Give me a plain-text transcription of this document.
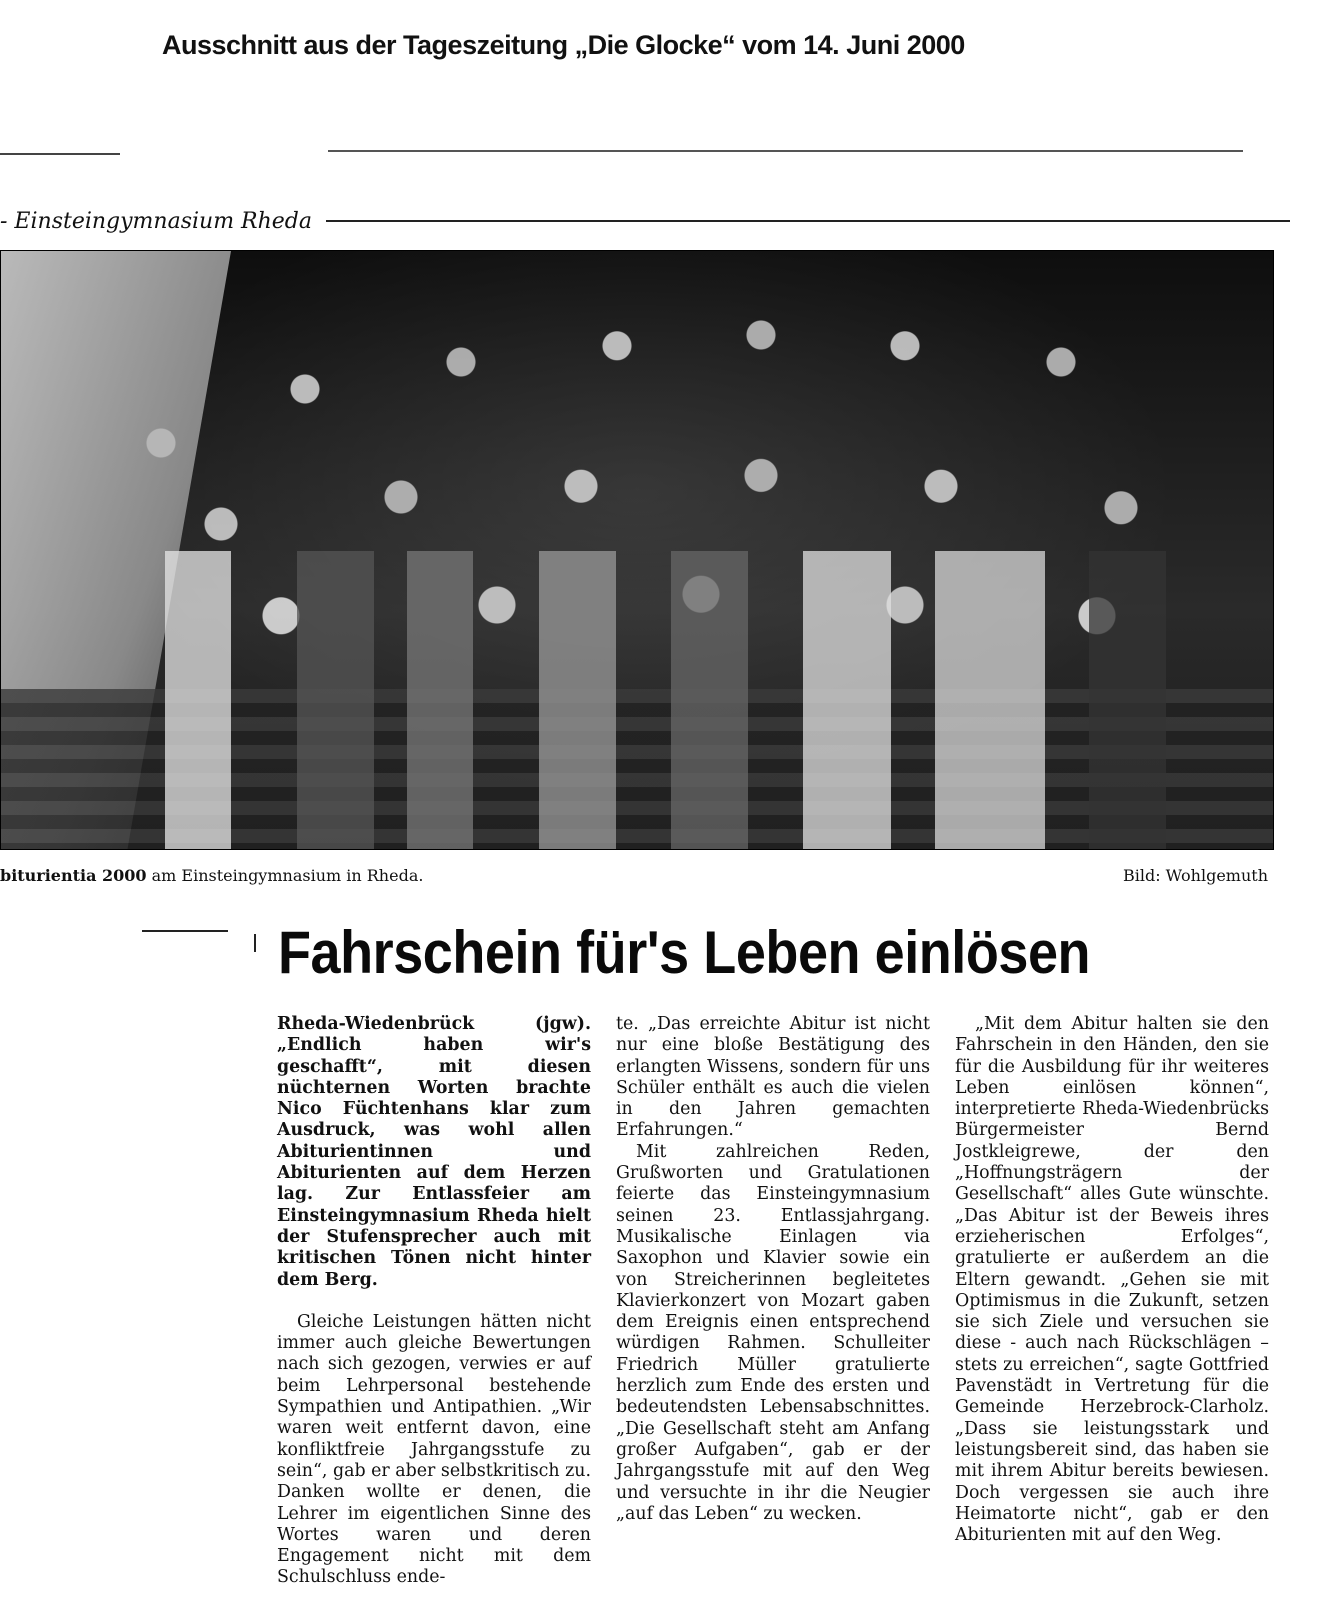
Ausschnitt aus der Tageszeitung „Die Glocke“ vom 14. Juni 2000
- Einsteingymnasium Rheda
biturientia 2000 am Einsteingymnasium in Rheda.	Bild: Wohlgemuth
Fahrschein für's Leben einlösen

Rheda-Wiedenbrück (jgw). „Endlich haben wir's geschafft“, mit diesen nüchternen Worten brachte Nico Füchtenhans klar zum Ausdruck, was wohl allen Abiturientinnen und Abiturienten auf dem Herzen lag. Zur Entlassfeier am Einsteingymnasium Rheda hielt der Stufensprecher auch mit kritischen Tönen nicht hinter dem Berg.

Gleiche Leistungen hätten nicht immer auch gleiche Bewertungen nach sich gezogen, verwies er auf beim Lehrpersonal bestehende Sympathien und Antipathien. „Wir waren weit entfernt davon, eine konfliktfreie Jahrgangsstufe zu sein“, gab er aber selbstkritisch zu. Danken wollte er denen, die Lehrer im eigentlichen Sinne des Wortes waren und deren Engagement nicht mit dem Schulschluss ende-

te. „Das erreichte Abitur ist nicht nur eine bloße Bestätigung des erlangten Wissens, sondern für uns Schüler enthält es auch die vielen in den Jahren gemachten Erfahrungen.“

Mit zahlreichen Reden, Grußworten und Gratulationen feierte das Einsteingymnasium seinen 23. Entlassjahrgang. Musikalische Einlagen via Saxophon und Klavier sowie ein von Streicherinnen begleitetes Klavierkonzert von Mozart gaben dem Ereignis einen entsprechend würdigen Rahmen. Schulleiter Friedrich Müller gratulierte herzlich zum Ende des ersten und bedeutendsten Lebensabschnittes. „Die Gesellschaft steht am Anfang großer Aufgaben“, gab er der Jahrgangsstufe mit auf den Weg und versuchte in ihr die Neugier „auf das Leben“ zu wecken.

„Mit dem Abitur halten sie den Fahrschein in den Händen, den sie für die Ausbildung für ihr weiteres Leben einlösen können“, interpretierte Rheda-Wiedenbrücks Bürgermeister Bernd Jostkleigrewe, der den „Hoffnungsträgern der Gesellschaft“ alles Gute wünschte. „Das Abitur ist der Beweis ihres erzieherischen Erfolges“, gratulierte er außerdem an die Eltern gewandt. „Gehen sie mit Optimismus in die Zukunft, setzen sie sich Ziele und versuchen sie diese - auch nach Rückschlägen – stets zu erreichen“, sagte Gottfried Pavenstädt in Vertretung für die Gemeinde Herzebrock-Clarholz. „Dass sie leistungsstark und leistungsbereit sind, das haben sie mit ihrem Abitur bereits bewiesen. Doch vergessen sie auch ihre Heimatorte nicht“, gab er den Abiturienten mit auf den Weg.
